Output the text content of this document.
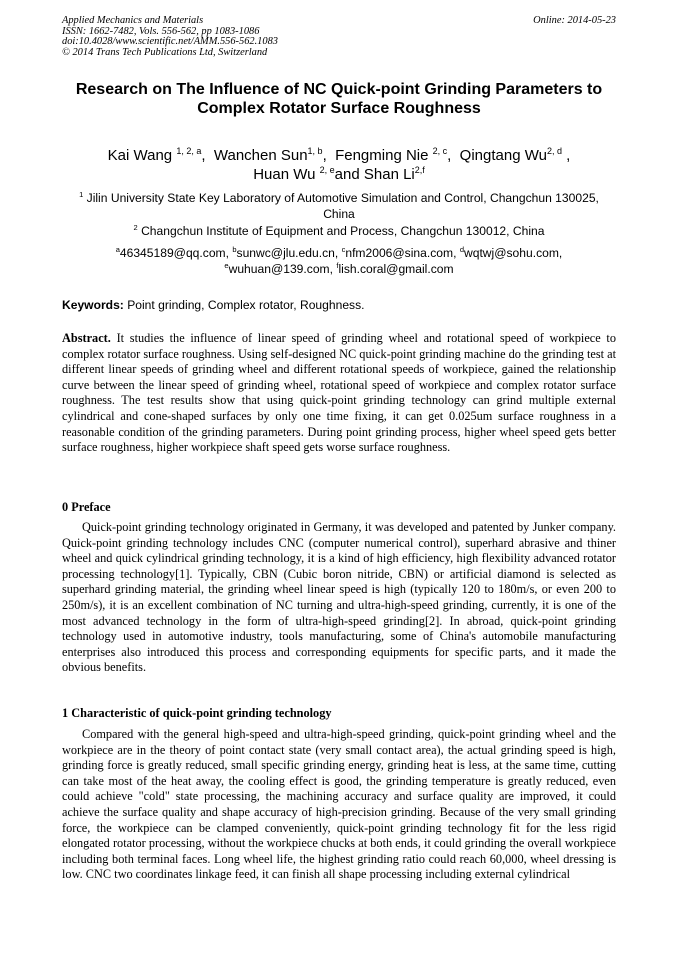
Applied Mechanics and Materials
ISSN: 1662-7482, Vols. 556-562, pp 1083-1086
doi:10.4028/www.scientific.net/AMM.556-562.1083
© 2014 Trans Tech Publications Ltd, Switzerland
Online: 2014-05-23
Research on The Influence of NC Quick-point Grinding Parameters to
Complex Rotator Surface Roughness
Kai Wang $^{1, 2, a}$,  Wanchen Sun$^{1, b}$,  Fengming Nie $^{2, c}$,  Qingtang Wu$^{2, d}$ ,
Huan Wu $^{2, e}$and Shan Li$^{2,f}$
$^1$ Jilin University State Key Laboratory of Automotive Simulation and Control, Changchun 130025, China
$^2$ Changchun Institute of Equipment and Process, Changchun 130012, China
$^a$46345189@qq.com, $^b$sunwc@jlu.edu.cn, $^c$nfm2006@sina.com, $^d$wqtwj@sohu.com,
$^e$wuhuan@139.com, $^f$lish.coral@gmail.com
Keywords: Point grinding, Complex rotator, Roughness.
Abstract. It studies the influence of linear speed of grinding wheel and rotational speed of workpiece to complex rotator surface roughness. Using self-designed NC quick-point grinding machine do the grinding test at different linear speeds of grinding wheel and different rotational speeds of workpiece, gained the relationship curve between the linear speed of grinding wheel, rotational speed of workpiece and complex rotator surface roughness. The test results show that using quick-point grinding technology can grind multiple external cylindrical and cone-shaped surfaces by only one time fixing, it can get 0.025um surface roughness in a reasonable condition of the grinding parameters. During point grinding process, higher wheel speed gets better surface roughness, higher workpiece shaft speed gets worse surface roughness.
0 Preface
Quick-point grinding technology originated in Germany, it was developed and patented by Junker company. Quick-point grinding technology includes CNC (computer numerical control), superhard abrasive and thiner wheel and quick cylindrical grinding technology, it is a kind of high efficiency, high flexibility advanced rotator processing technology[1]. Typically, CBN (Cubic boron nitride, CBN) or artificial diamond is selected as superhard grinding material, the grinding wheel linear speed is high (typically 120 to 180m/s, or even 200 to 250m/s), it is an excellent combination of NC turning and ultra-high-speed grinding, currently, it is one of the most advanced technology in the form of ultra-high-speed grinding[2]. In abroad, quick-point grinding technology used in automotive industry, tools manufacturing, some of China's automobile manufacturing enterprises also introduced this process and corresponding equipments for specific parts, and it made the obvious benefits.
1 Characteristic of quick-point grinding technology
Compared with the general high-speed and ultra-high-speed grinding, quick-point grinding wheel and the workpiece are in the theory of point contact state (very small contact area), the actual grinding speed is high, grinding force is greatly reduced, small specific grinding energy, grinding heat is less, at the same time, cutting can take most of the heat away, the cooling effect is good, the grinding temperature is greatly reduced, even could achieve "cold" state processing, the machining accuracy and surface quality are improved, it could achieve the surface quality and shape accuracy of high-precision grinding. Because of the very small grinding force, the workpiece can be clamped conveniently, quick-point grinding technology fit for the less rigid elongated rotator processing, without the workpiece chucks at both ends, it could grinding the overall workpiece including both terminal faces. Long wheel life, the highest grinding ratio could reach 60,000, wheel dressing is low. CNC two coordinates linkage feed, it can finish all shape processing including external cylindrical
